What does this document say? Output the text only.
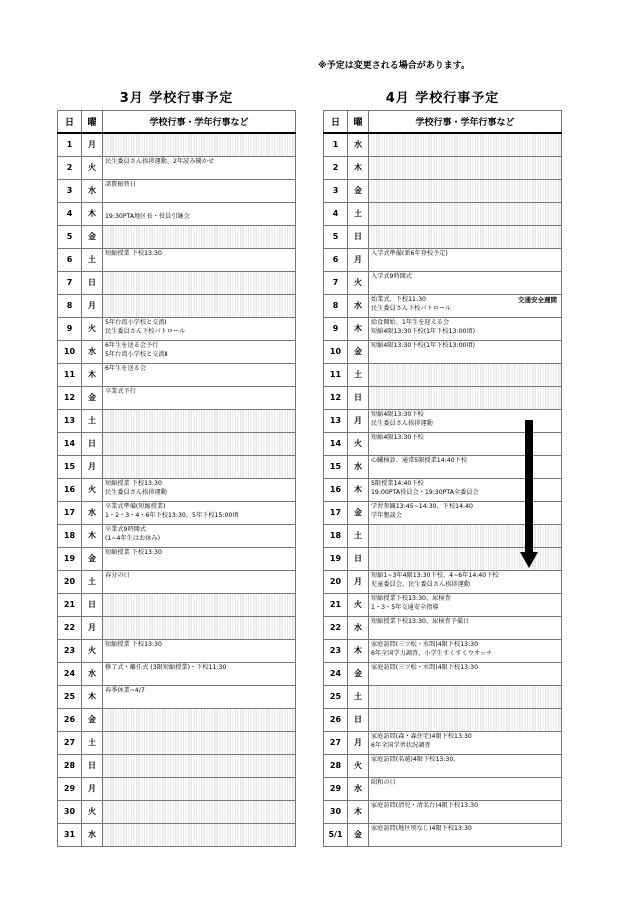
※予定は変更される場合があります。
3月 学校行事予定
日	曜	学校行事・学年行事など
1	月	
2	火	民生委員さん挨拶運動、2年読み聞かせ

3	水	諸費振替日

4	木	19:30PTA地区長・役員引継会

5	金	
6	土	短縮授業 下校13:30

7	日	
8	月	
9	火	5年台湾小学校と交流Ⅰ
民生委員さん下校パトロール

10	水	6年生を送る会予行
5年台湾小学校と交流Ⅱ

11	木	6年生を送る会

12	金	卒業式予行

13	土	
14	日	
15	月	
16	火	短縮授業 下校13:30
民生委員さん挨拶運動

17	水	卒業式準備(短縮授業)
1・2・3・4・6年下校13:30、5年下校15:00頃

18	木	卒業式9時開式
(1~4年生はお休み)

19	金	短縮授業 下校13:30

20	土	春分の日

21	日	
22	月	
23	火	短縮授業 下校13:30

24	水	修了式・離任式 (3限短縮授業)・下校11:30

25	木	春季休業~4/7

26	金	
27	土	
28	日	
29	月	
30	火	
31	水	
4月 学校行事予定
日	曜	学校行事・学年行事など
1	水	
2	木	
3	金	
4	土	
5	日	
6	月	入学式準備(新6年登校予定)

7	火	入学式9時開式

8	水	始業式、下校11:30
民生委員さん下校パトロール
交通安全週間

9	木	給食開始、1年生を迎える会
短縮4限13:30下校(1年下校13:00頃)

10	金	短縮4限13:30下校(1年下校13:00頃)

11	土	
12	日	
13	月	短縮4限13:30下校
民生委員さん挨拶運動

14	火	短縮4限13:30下校

15	水	心臓検診、通常5限授業14:40下校

16	木	5限授業14:40下校
19:00PTA役員会・19:30PTA全委員会

17	金	学習参観13:45~14:30、下校14:40
学年懇談会

18	土	
19	日	
20	月	短縮1~3年4限13:30下校、4~6年14:40下校
児童委員会、民生委員さん挨拶運動

21	火	短縮授業下校13:30、尿検査
1・3・5年交通安全指導

22	水	短縮授業下校13:30、尿検査予備日

23	木	家庭訪問(三ツ松・水間)4限下校13:30
6年全国学力調査、小学生すくすくウオッチ

24	金	家庭訪問(三ツ松・水間)4限下校13:30

25	土	
26	日	
27	月	家庭訪問(森・森住宅)4限下校13:30
6年全国学習状況調査

28	火	家庭訪問(名越)4限下校13:30、

29	水	昭和の日

30	木	家庭訪問(清児・清名台)4限下校13:30

5/1	金	家庭訪問(地区別なし)4限下校13:30
